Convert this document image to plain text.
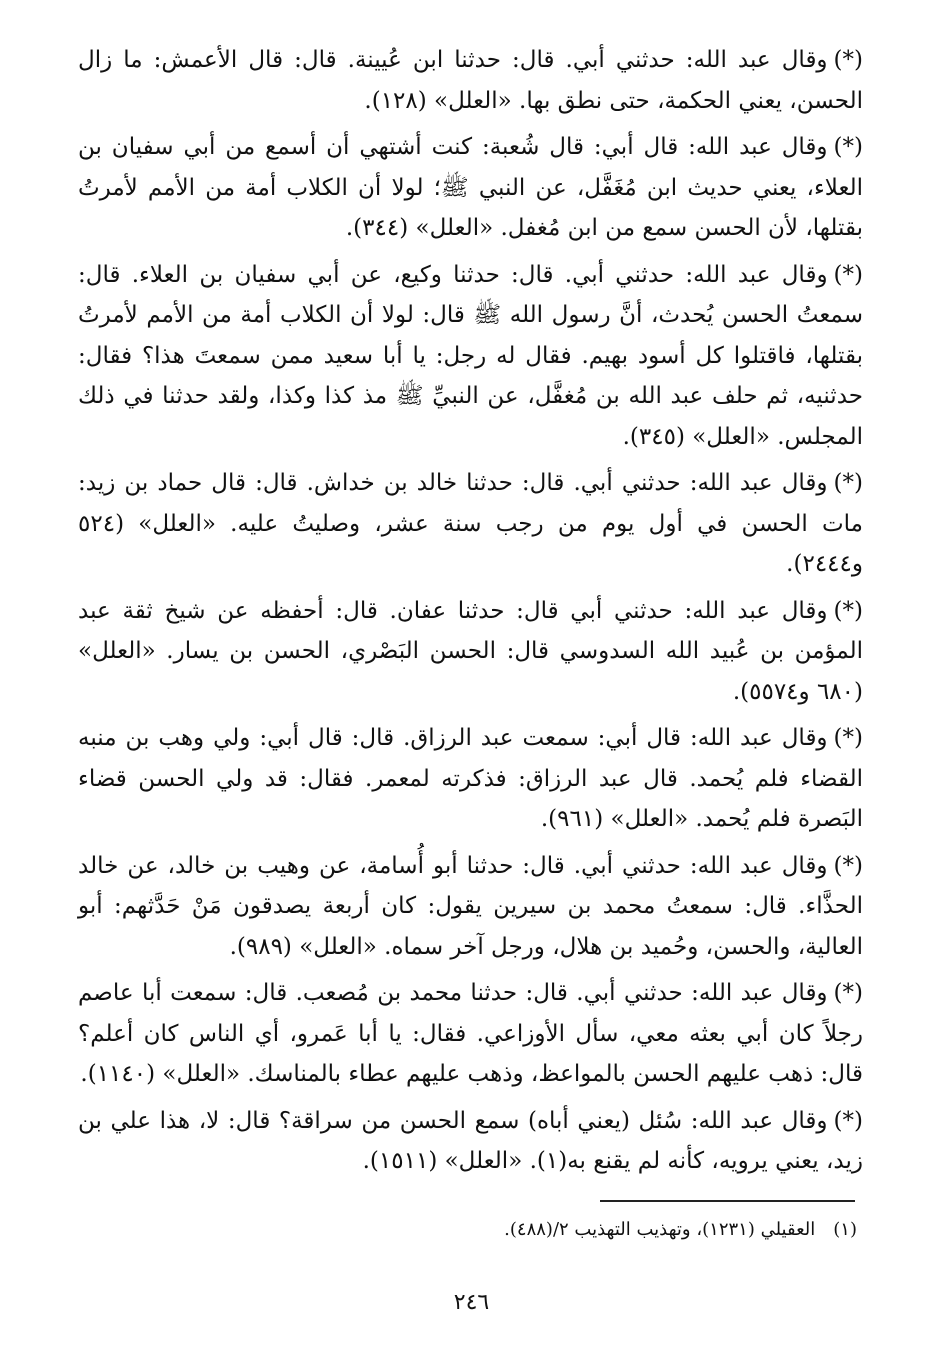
(*)وقال عبد الله: حدثني أبي. قال: حدثنا ابن عُيينة. قال: قال الأعمش: ما زال الحسن، يعني الحكمة، حتى نطق بها. «العلل» (١٢٨).

(*)وقال عبد الله: قال أبي: قال شُعبة: كنت أشتهي أن أسمع من أبي سفيان بن العلاء، يعني حديث ابن مُغَفَّل، عن النبي ﷺ؛ لولا أن الكلاب أمة من الأمم لأمرتُ بقتلها، لأن الحسن سمع من ابن مُغفل. «العلل» (٣٤٤).

(*)وقال عبد الله: حدثني أبي. قال: حدثنا وكيع، عن أبي سفيان بن العلاء. قال: سمعتُ الحسن يُحدث، أنَّ رسول الله ﷺ قال: لولا أن الكلاب أمة من الأمم لأمرتُ بقتلها، فاقتلوا كل أسود بهيم. فقال له رجل: يا أبا سعيد ممن سمعتَ هذا؟ فقال: حدثنيه، ثم حلف عبد الله بن مُغفَّل، عن النبيِّ ﷺ مذ كذا وكذا، ولقد حدثنا في ذلك المجلس. «العلل» (٣٤٥).

(*)وقال عبد الله: حدثني أبي. قال: حدثنا خالد بن خداش. قال: قال حماد بن زيد: مات الحسن في أول يوم من رجب سنة عشر، وصليتُ عليه. «العلل» (٥٢٤ و٢٤٤٤).

(*)وقال عبد الله: حدثني أبي قال: حدثنا عفان. قال: أحفظه عن شيخ ثقة عبد المؤمن بن عُبيد الله السدوسي قال: الحسن البَصْري، الحسن بن يسار. «العلل» (٦٨٠ و٥٥٧٤).

(*)وقال عبد الله: قال أبي: سمعت عبد الرزاق. قال: قال أبي: ولي وهب بن منبه القضاء فلم يُحمد. قال عبد الرزاق: فذكرته لمعمر. فقال: قد ولي الحسن قضاء البَصرة فلم يُحمد. «العلل» (٩٦١).

(*)وقال عبد الله: حدثني أبي. قال: حدثنا أبو أُسامة، عن وهيب بن خالد، عن خالد الحذَّاء. قال: سمعتُ محمد بن سيرين يقول: كان أربعة يصدقون مَنْ حَدَّثهم: أبو العالية، والحسن، وحُميد بن هلال، ورجل آخر سماه. «العلل» (٩٨٩).

(*)وقال عبد الله: حدثني أبي. قال: حدثنا محمد بن مُصعب. قال: سمعت أبا عاصم رجلاً كان أبي بعثه معي، سأل الأوزاعي. فقال: يا أبا عَمرو، أي الناس كان أعلم؟ قال: ذهب عليهم الحسن بالمواعظ، وذهب عليهم عطاء بالمناسك. «العلل» (١١٤٠).

(*)وقال عبد الله: سُئل (يعني أباه) سمع الحسن من سراقة؟ قال: لا، هذا علي بن زيد، يعني يرويه، كأنه لم يقنع به(١). «العلل» (١٥١١).

(١)العقيلي (١٢٣١)، وتهذيب التهذيب ٢/(٤٨٨).
٢٤٦
